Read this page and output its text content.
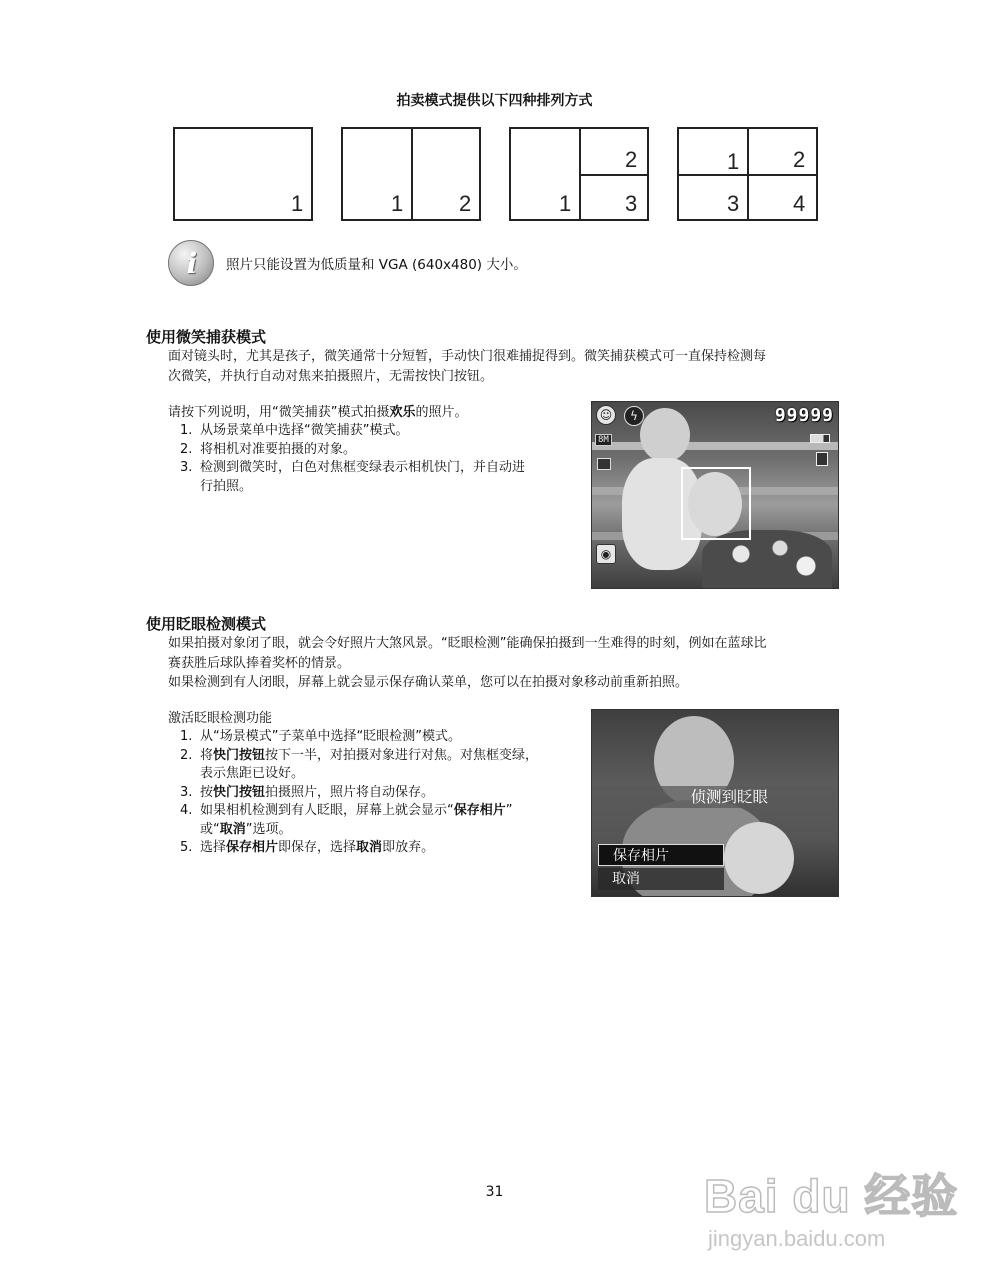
拍卖模式提供以下四种排列方式
1	1	2	1
2
3
1 2
3 4
i	照片只能设置为低质量和 VGA (640x480) 大小。
使用微笑捕获模式
面对镜头时，尤其是孩子，微笑通常十分短暂，手动快门很难捕捉得到。微笑捕获模式可一直保持检测每
次微笑，并执行自动对焦来拍摄照片，无需按快门按钮。
请按下列说明，用“微笑捕获”模式拍摄欢乐的照片。
1. 从场景菜单中选择“微笑捕获”模式。
2. 将相机对准要拍摄的对象。
3. 检测到微笑时，白色对焦框变绿表示相机快门，并自动进
行拍照。
☺	ϟ	99999
8M
◉
使用眨眼检测模式
如果拍摄对象闭了眼，就会令好照片大煞风景。“眨眼检测”能确保拍摄到一生难得的时刻，例如在蓝球比
赛获胜后球队捧着奖杯的情景。
如果检测到有人闭眼，屏幕上就会显示保存确认菜单，您可以在拍摄对象移动前重新拍照。
激活眨眼检测功能
1. 从“场景模式”子菜单中选择“眨眼检测”模式。
2. 将快门按钮按下一半，对拍摄对象进行对焦。对焦框变绿，
表示焦距已设好。
3. 按快门按钮拍摄照片，照片将自动保存。
4. 如果相机检测到有人眨眼，屏幕上就会显示“保存相片”
或“取消”选项。
5. 选择保存相片即保存，选择取消即放弃。
侦测到眨眼
保存相片
取消
31	Bai du 经验
jingyan.baidu.com
